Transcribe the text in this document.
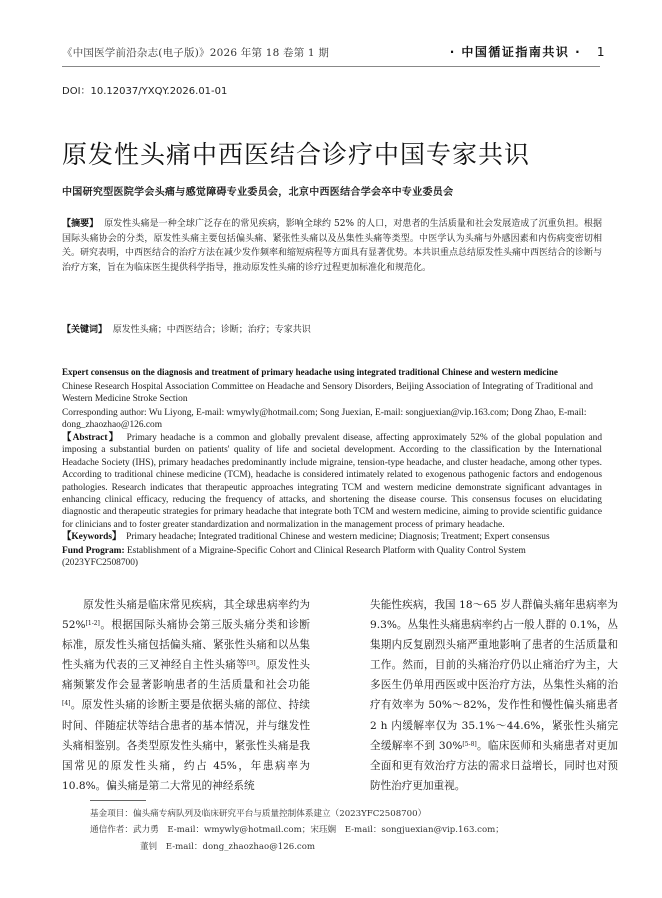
《中国医学前沿杂志(电子版)》2026 年第 18 卷第 1 期	· 中国循证指南共识 · 1
DOI：10.12037/YXQY.2026.01-01
原发性头痛中西医结合诊疗中国专家共识
中国研究型医院学会头痛与感觉障碍专业委员会，北京中西医结合学会卒中专业委员会
【摘要】 原发性头痛是一种全球广泛存在的常见疾病，影响全球约 52% 的人口，对患者的生活质量和社会发展造成了沉重负担。根据国际头痛协会的分类，原发性头痛主要包括偏头痛、紧张性头痛以及丛集性头痛等类型。中医学认为头痛与外感因素和内伤病变密切相关。研究表明，中西医结合的治疗方法在减少发作频率和缩短病程等方面具有显著优势。本共识重点总结原发性头痛中西医结合的诊断与治疗方案，旨在为临床医生提供科学指导，推动原发性头痛的诊疗过程更加标准化和规范化。
【关键词】 原发性头痛；中西医结合；诊断；治疗；专家共识
Expert consensus on the diagnosis and treatment of primary headache using integrated traditional Chinese and western medicine
Chinese Research Hospital Association Committee on Headache and Sensory Disorders, Beijing Association of Integrating of Traditional and Western Medicine Stroke Section
Corresponding author: Wu Liyong, E-mail: wmywly@hotmail.com; Song Juexian, E-mail: songjuexian@vip.163.com; Dong Zhao, E-mail: dong_zhaozhao@126.com
【Abstract】 Primary headache is a common and globally prevalent disease, affecting approximately 52% of the global population and imposing a substantial burden on patients' quality of life and societal development. According to the classification by the International Headache Society (IHS), primary headaches predominantly include migraine, tension-type headache, and cluster headache, among other types. According to traditional chinese medicine (TCM), headache is considered intimately related to exogenous pathogenic factors and endogenous pathologies. Research indicates that therapeutic approaches integrating TCM and western medicine demonstrate significant advantages in enhancing clinical efficacy, reducing the frequency of attacks, and shortening the disease course. This consensus focuses on elucidating diagnostic and therapeutic strategies for primary headache that integrate both TCM and western medicine, aiming to provide scientific guidance for clinicians and to foster greater standardization and normalization in the management process of primary headache.
【Keywords】 Primary headache; Integrated traditional Chinese and western medicine; Diagnosis; Treatment; Expert consensus
Fund Program: Establishment of a Migraine-Specific Cohort and Clinical Research Platform with Quality Control System (2023YFC2508700)

原发性头痛是临床常见疾病，其全球患病率约为 52%[1-2]。根据国际头痛协会第三版头痛分类和诊断标准，原发性头痛包括偏头痛、紧张性头痛和以丛集性头痛为代表的三叉神经自主性头痛等[3]。原发性头痛频繁发作会显著影响患者的生活质量和社会功能[4]。原发性头痛的诊断主要是依据头痛的部位、持续时间、伴随症状等结合患者的基本情况，并与继发性头痛相鉴别。各类型原发性头痛中，紧张性头痛是我国常见的原发性头痛，约占 45%，年患病率为 10.8%。偏头痛是第二大常见的神经系统

失能性疾病，我国 18～65 岁人群偏头痛年患病率为 9.3%。丛集性头痛患病率约占一般人群的 0.1%，丛集期内反复剧烈头痛严重地影响了患者的生活质量和工作。然而，目前的头痛治疗仍以止痛治疗为主，大多医生仍单用西医或中医治疗方法，丛集性头痛的治疗有效率为 50%～82%，发作性和慢性偏头痛患者 2 h 内缓解率仅为 35.1%～44.6%，紧张性头痛完全缓解率不到 30%[5-8]。临床医师和头痛患者对更加全面和更有效治疗方法的需求日益增长，同时也对预防性治疗更加重视。

基金项目：偏头痛专病队列及临床研究平台与质量控制体系建立（2023YFC2508700）
通信作者：武力勇　E-mail：wmywly@hotmail.com；宋珏娴　E-mail：songjuexian@vip.163.com；
董钊　E-mail：dong_zhaozhao@126.com
